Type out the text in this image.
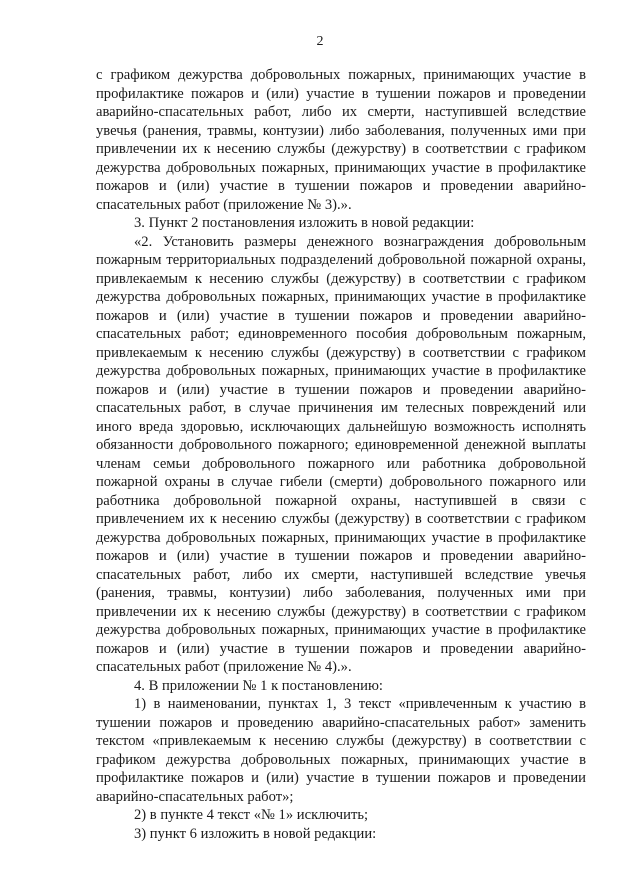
2

с графиком дежурства добровольных пожарных, принимающих участие в профилактике пожаров и (или) участие в тушении пожаров и проведении аварийно-спасательных работ, либо их смерти, наступившей вследствие увечья (ранения, травмы, контузии) либо заболевания, полученных ими при привлечении их к несению службы (дежурству) в соответствии с графиком дежурства добровольных пожарных, принимающих участие в профилактике пожаров и (или) участие в тушении пожаров и проведении аварийно-спасательных работ (приложение № 3).».

3. Пункт 2 постановления изложить в новой редакции:

«2. Установить размеры денежного вознаграждения добровольным пожарным территориальных подразделений добровольной пожарной охраны, привлекаемым к несению службы (дежурству) в соответствии с графиком дежурства добровольных пожарных, принимающих участие в профилактике пожаров и (или) участие в тушении пожаров и проведении аварийно-спасательных работ; единовременного пособия добровольным пожарным, привлекаемым к несению службы (дежурству) в соответствии с графиком дежурства добровольных пожарных, принимающих участие в профилактике пожаров и (или) участие в тушении пожаров и проведении аварийно-спасательных работ, в случае причинения им телесных повреждений или иного вреда здоровью, исключающих дальнейшую возможность исполнять обязанности добровольного пожарного; единовременной денежной выплаты членам семьи добровольного пожарного или работника добровольной пожарной охраны в случае гибели (смерти) добровольного пожарного или работника добровольной пожарной охраны, наступившей в связи с привлечением их к несению службы (дежурству) в соответствии с графиком дежурства добровольных пожарных, принимающих участие в профилактике пожаров и (или) участие в тушении пожаров и проведении аварийно-спасательных работ, либо их смерти, наступившей вследствие увечья (ранения, травмы, контузии) либо заболевания, полученных ими при привлечении их к несению службы (дежурству) в соответствии с графиком дежурства добровольных пожарных, принимающих участие в профилактике пожаров и (или) участие в тушении пожаров и проведении аварийно-спасательных работ (приложение № 4).».

4. В приложении № 1 к постановлению:

1) в наименовании, пунктах 1, 3 текст «привлеченным к участию в тушении пожаров и проведению аварийно-спасательных работ» заменить текстом «привлекаемым к несению службы (дежурству) в соответствии с графиком дежурства добровольных пожарных, принимающих участие в профилактике пожаров и (или) участие в тушении пожаров и проведении аварийно-спасательных работ»;

2) в пункте 4 текст «№ 1» исключить;

3) пункт 6 изложить в новой редакции:
